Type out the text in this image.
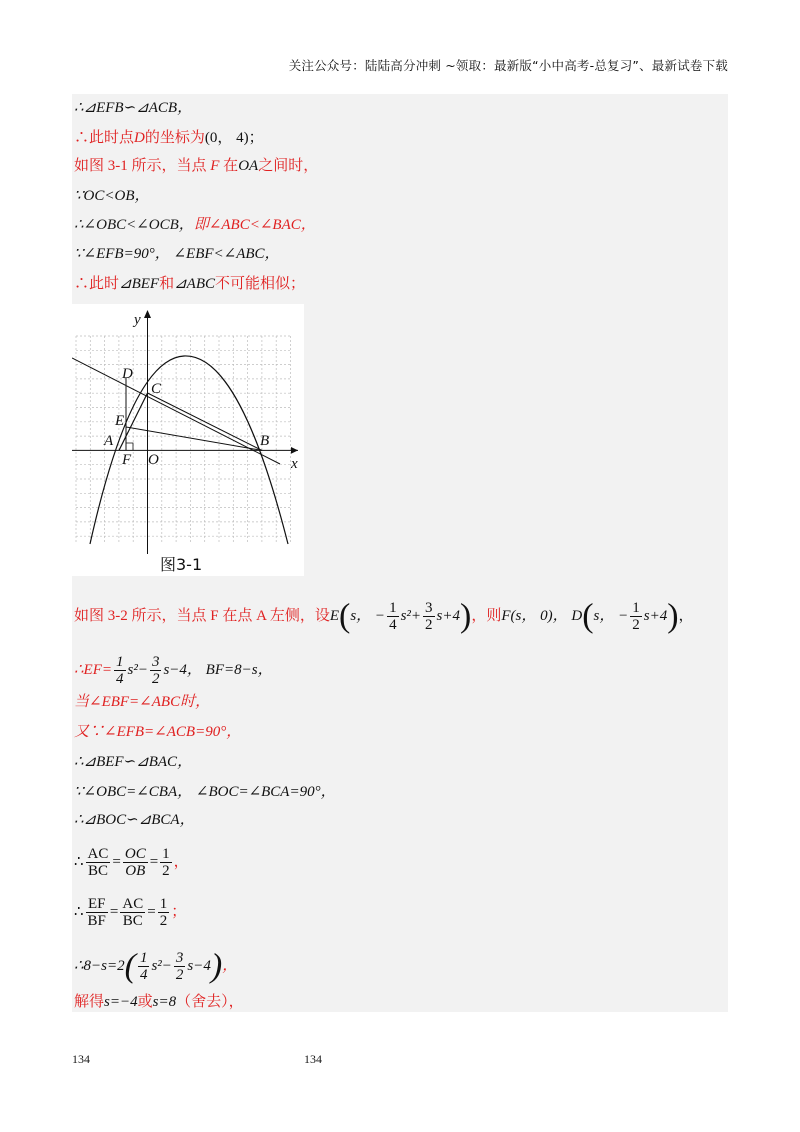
关注公众号：陆陆高分冲刺 ~领取：最新版“小中高考-总复习”、最新试卷下载
∴⊿EFB∽⊿ACB，
∴此时点D的坐标为(0， 4)；
如图 3-1 所示，当点 F 在OA之间时，
∵OC<OB，
∴∠OBC<∠OCB，即∠ABC<∠BAC，
∵∠EFB=90°， ∠EBF<∠ABC，
∴此时⊿BEF和⊿ABC不可能相似；
y
x
D
C
E
A
F O
B
图3-1
如图 3-2 所示，当点 F 在点 A 左侧，设E(s， − $\frac{1}{4} s^2+ \frac{3}{2} s+4$)，则F(s， 0)， D(s， − $\frac{1}{2} s+4$)，
∴EF= $\frac{1}{4} s^2- \frac{3}{2} s-4$， BF=8−s，
当∠EBF=∠ABC时，
又∵∠EFB=∠ACB=90°，
∴⊿BEF∽⊿BAC，
∵∠OBC=∠CBA， ∠BOC=∠BCA=90°，
∴⊿BOC∽⊿BCA，
∴ $\frac{AC}{BC} = \frac{OC}{OB} = \frac{1}{2}$ ，
∴ $\frac{EF}{BF} = \frac{AC}{BC} = \frac{1}{2}$ ；
∴8−s=2( $\frac{1}{4} s^2- \frac{3}{2} s-4$)，
解得s=−4或s=8（舍去），
134	134
